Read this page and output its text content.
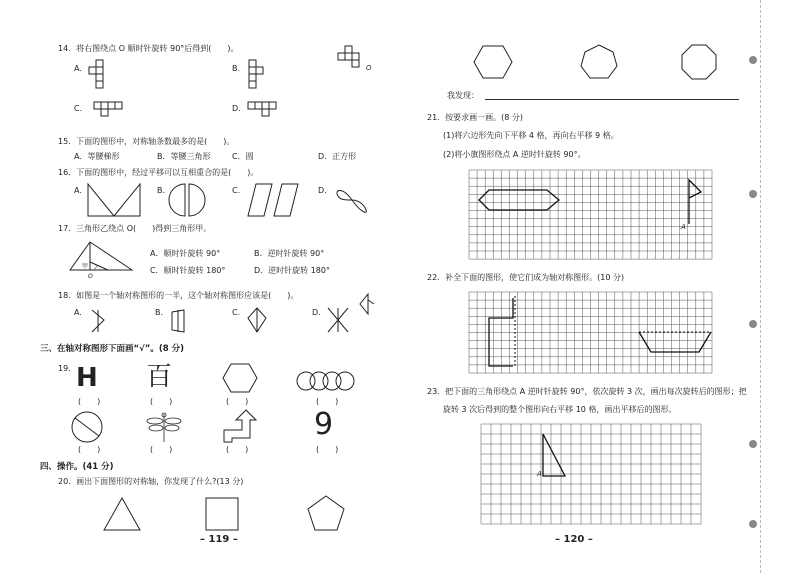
14．将右图绕点 O 顺时针旋转 90°后得到(　　)。
O
A.	B.
C.	D.
15．下面的图形中，对称轴条数最多的是(　　)。
A．等腰梯形	B．等腰三角形	C．圆	D．正方形
16．下面的图形中，经过平移可以互相重合的是(　　)。
A.	B.	C.	D.
17．三角形乙绕点 O(　　)得到三角形甲。
甲 乙
O
A．顺时针旋转 90°	B．逆时针旋转 90°
C．顺时针旋转 180°	D．逆时针旋转 180°
18．如图是一个轴对称图形的一半，这个轴对称图形应该是(　　)。
A.	B.	C.	D.
三、在轴对称图形下面画“√”。(8 分)
19. H 百
(　　)	(　　)	(　　)	(　　)
9
(　　)	(　　)	(　　)	(　　)
四、操作。(41 分)
20．画出下面图形的对称轴，你发现了什么?(13 分)
– 119 –
我发现：
21．按要求画一画。(8 分)
(1)将六边形先向下平移 4 格，再向右平移 9 格。
(2)将小旗图形绕点 A 逆时针旋转 90°。
A
22．补全下面的图形，使它们成为轴对称图形。(10 分)
23．把下面的三角形绕点 A 逆时针旋转 90°，依次旋转 3 次，画出每次旋转后的图形；把
旋转 3 次后得到的整个图形向右平移 10 格，画出平移后的图形。
A
– 120 –
